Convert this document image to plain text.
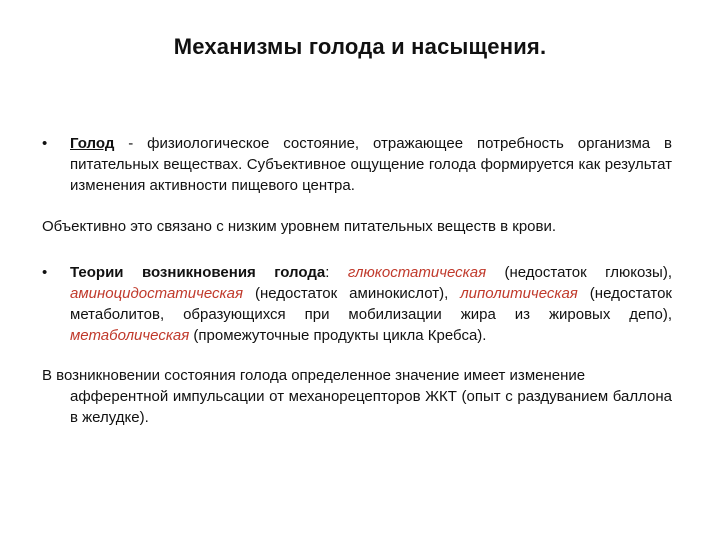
Механизмы голода и насыщения.
• Голод - физиологическое состояние, отражающее потребность организма в питательных веществах. Субъективное ощущение голода формируется как результат изменения активности пищевого центра.
Объективно это связано с низким уровнем питательных веществ в крови.
• Теории возникновения голода: глюкостатическая (недостаток глюкозы), аминоцидостатическая (недостаток аминокислот), липолитическая (недостаток метаболитов, образующихся при мобилизации жира из жировых депо), метаболическая (промежуточные продукты цикла Кребса).
В возникновении состояния голода определенное значение имеет изменение
афферентной импульсации от механорецепторов ЖКТ (опыт с раздуванием баллона в желудке).
